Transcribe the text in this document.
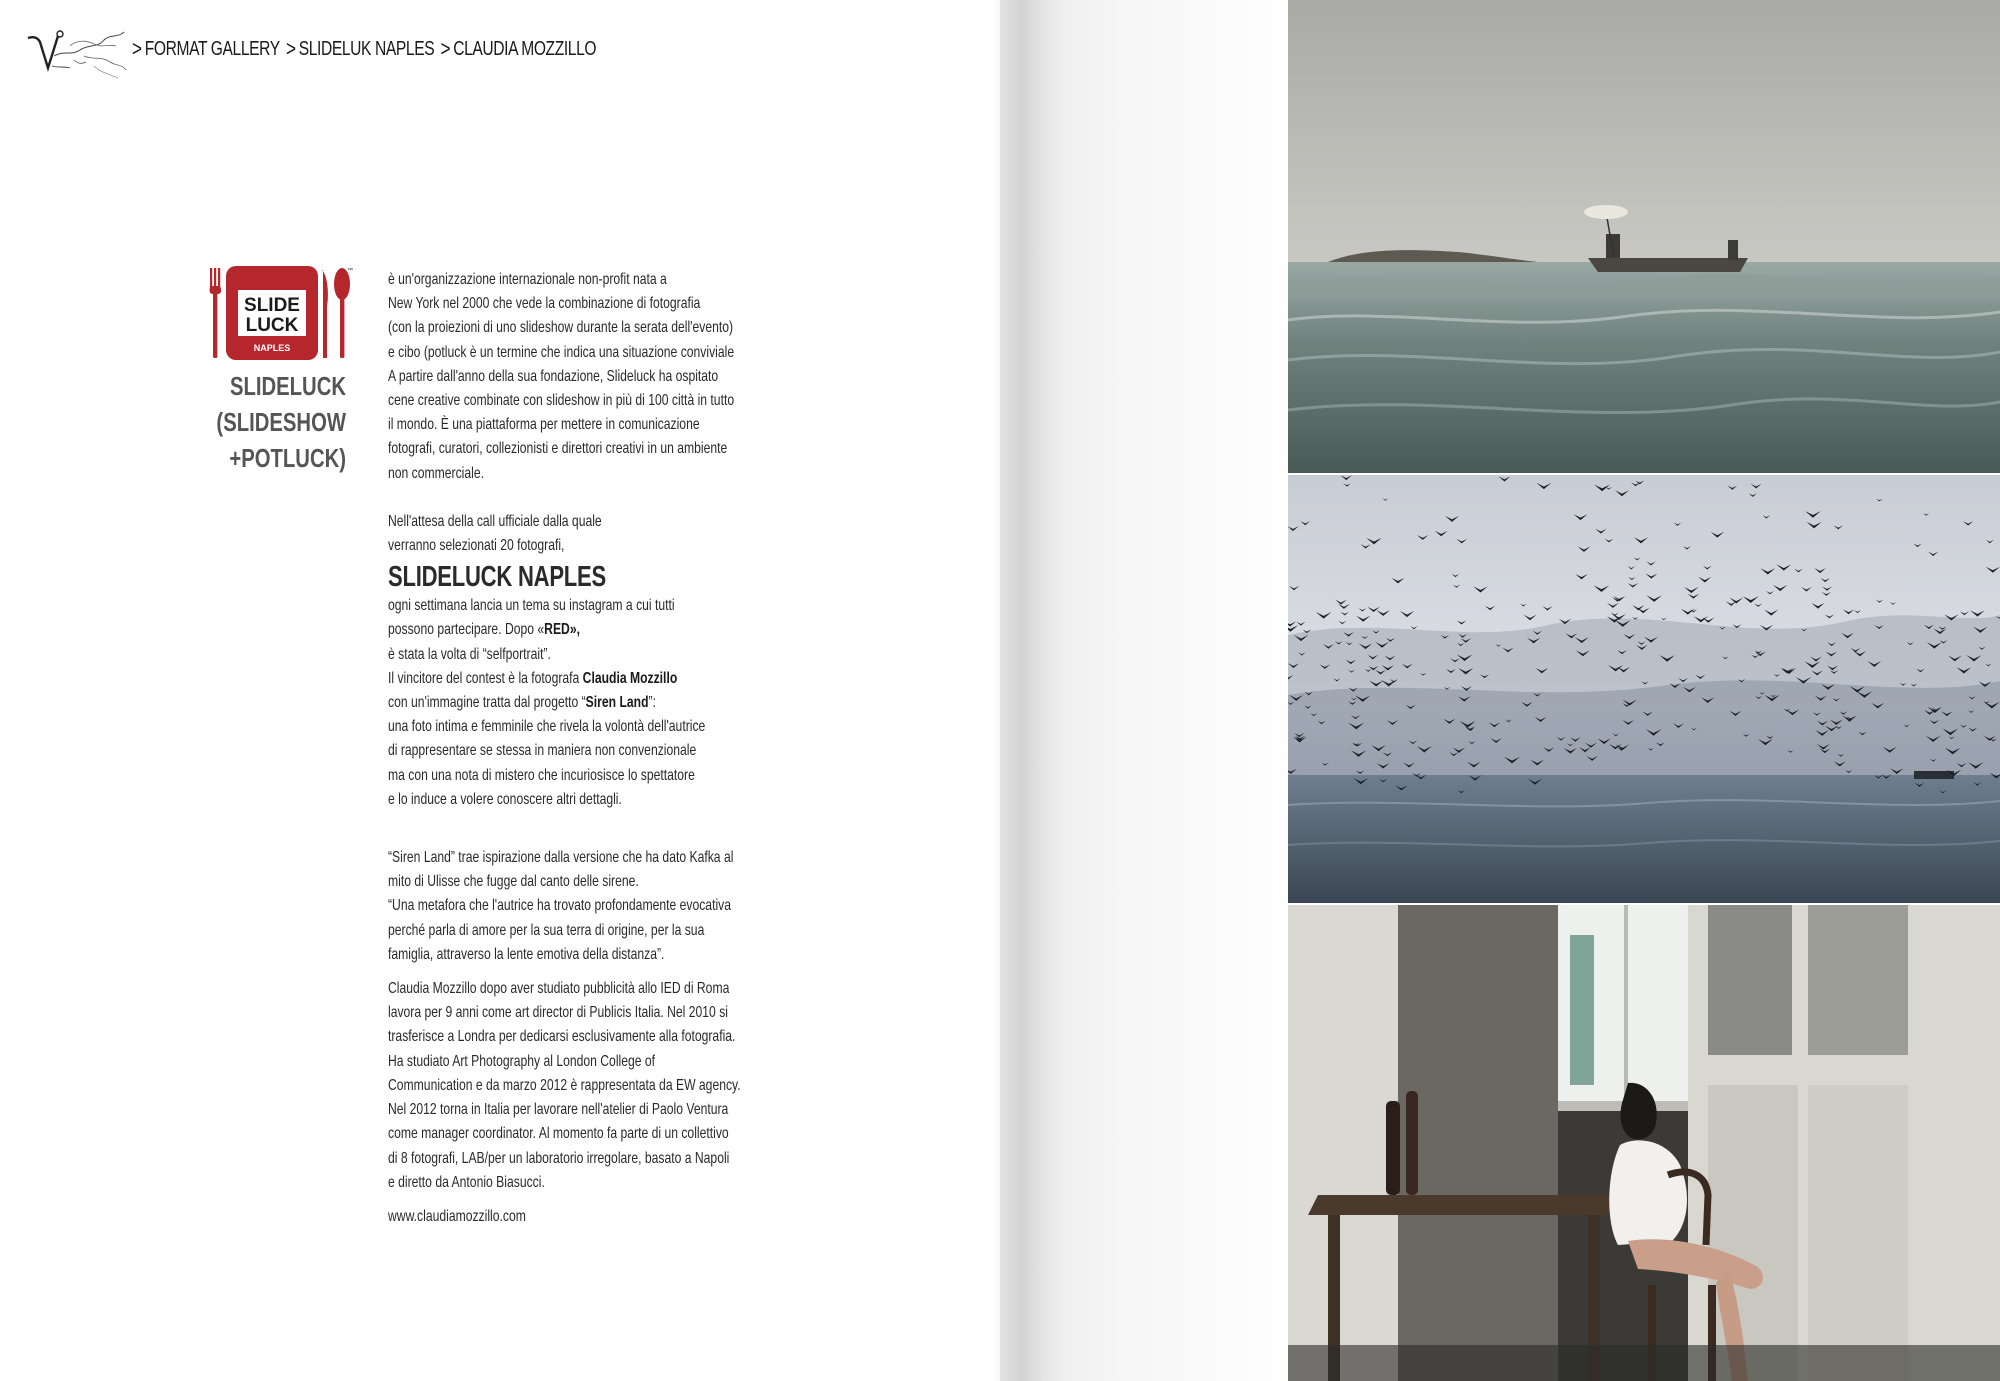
> FORMAT GALLERY > SLIDELUK NAPLES > CLAUDIA MOZZILLO
SLIDE
LUCK
NAPLES
™
SLIDELUCK
(SLIDESHOW
+POTLUCK)

è un'organizzazione internazionale non-profit nata a

New York nel 2000 che vede la combinazione di fotografia

(con la proiezioni di uno slideshow durante la serata dell'evento)

e cibo (potluck è un termine che indica una situazione conviviale

A partire dall'anno della sua fondazione, Slideluck ha ospitato

cene creative combinate con slideshow in più di 100 città in tutto

il mondo. È una piattaforma per mettere in comunicazione

fotografi, curatori, collezionisti e direttori creativi in un ambiente

non commerciale.

Nell'attesa della call ufficiale dalla quale

verranno selezionati 20 fotografi,

SLIDELUCK NAPLES

ogni settimana lancia un tema su instagram a cui tutti

possono partecipare. Dopo «RED»,

è stata la volta di “selfportrait”.

Il vincitore del contest è la fotografa Claudia Mozzillo

con un'immagine tratta dal progetto “Siren Land”:

una foto intima e femminile che rivela la volontà dell'autrice

di rappresentare se stessa in maniera non convenzionale

ma con una nota di mistero che incuriosisce lo spettatore

e lo induce a volere conoscere altri dettagli.

“Siren Land” trae ispirazione dalla versione che ha dato Kafka al

mito di Ulisse che fugge dal canto delle sirene.

“Una metafora che l'autrice ha trovato profondamente evocativa

perché parla di amore per la sua terra di origine, per la sua

famiglia, attraverso la lente emotiva della distanza”.

Claudia Mozzillo dopo aver studiato pubblicità allo IED di Roma

lavora per 9 anni come art director di Publicis Italia. Nel 2010 si

trasferisce a Londra per dedicarsi esclusivamente alla fotografia.

Ha studiato Art Photography al London College of

Communication e da marzo 2012 è rappresentata da EW agency.

Nel 2012 torna in Italia per lavorare nell'atelier di Paolo Ventura

come manager coordinator. Al momento fa parte di un collettivo

di 8 fotografi, LAB/per un laboratorio irregolare, basato a Napoli

e diretto da Antonio Biasucci.

www.claudiamozzillo.com
